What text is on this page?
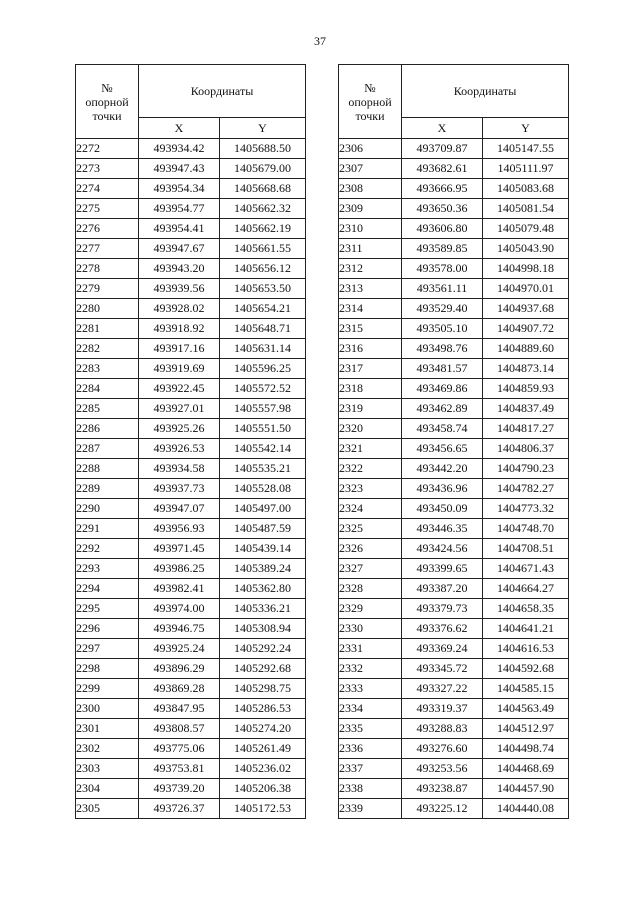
37
№
опорной
точки	Координаты	
	X	Y
2272	493934.42	1405688.50
2273	493947.43	1405679.00
2274	493954.34	1405668.68
2275	493954.77	1405662.32
2276	493954.41	1405662.19
2277	493947.67	1405661.55
2278	493943.20	1405656.12
2279	493939.56	1405653.50
2280	493928.02	1405654.21
2281	493918.92	1405648.71
2282	493917.16	1405631.14
2283	493919.69	1405596.25
2284	493922.45	1405572.52
2285	493927.01	1405557.98
2286	493925.26	1405551.50
2287	493926.53	1405542.14
2288	493934.58	1405535.21
2289	493937.73	1405528.08
2290	493947.07	1405497.00
2291	493956.93	1405487.59
2292	493971.45	1405439.14
2293	493986.25	1405389.24
2294	493982.41	1405362.80
2295	493974.00	1405336.21
2296	493946.75	1405308.94
2297	493925.24	1405292.24
2298	493896.29	1405292.68
2299	493869.28	1405298.75
2300	493847.95	1405286.53
2301	493808.57	1405274.20
2302	493775.06	1405261.49
2303	493753.81	1405236.02
2304	493739.20	1405206.38
2305	493726.37	1405172.53
№
опорной
точки	Координаты	
	X	Y
2306	493709.87	1405147.55
2307	493682.61	1405111.97
2308	493666.95	1405083.68
2309	493650.36	1405081.54
2310	493606.80	1405079.48
2311	493589.85	1405043.90
2312	493578.00	1404998.18
2313	493561.11	1404970.01
2314	493529.40	1404937.68
2315	493505.10	1404907.72
2316	493498.76	1404889.60
2317	493481.57	1404873.14
2318	493469.86	1404859.93
2319	493462.89	1404837.49
2320	493458.74	1404817.27
2321	493456.65	1404806.37
2322	493442.20	1404790.23
2323	493436.96	1404782.27
2324	493450.09	1404773.32
2325	493446.35	1404748.70
2326	493424.56	1404708.51
2327	493399.65	1404671.43
2328	493387.20	1404664.27
2329	493379.73	1404658.35
2330	493376.62	1404641.21
2331	493369.24	1404616.53
2332	493345.72	1404592.68
2333	493327.22	1404585.15
2334	493319.37	1404563.49
2335	493288.83	1404512.97
2336	493276.60	1404498.74
2337	493253.56	1404468.69
2338	493238.87	1404457.90
2339	493225.12	1404440.08
